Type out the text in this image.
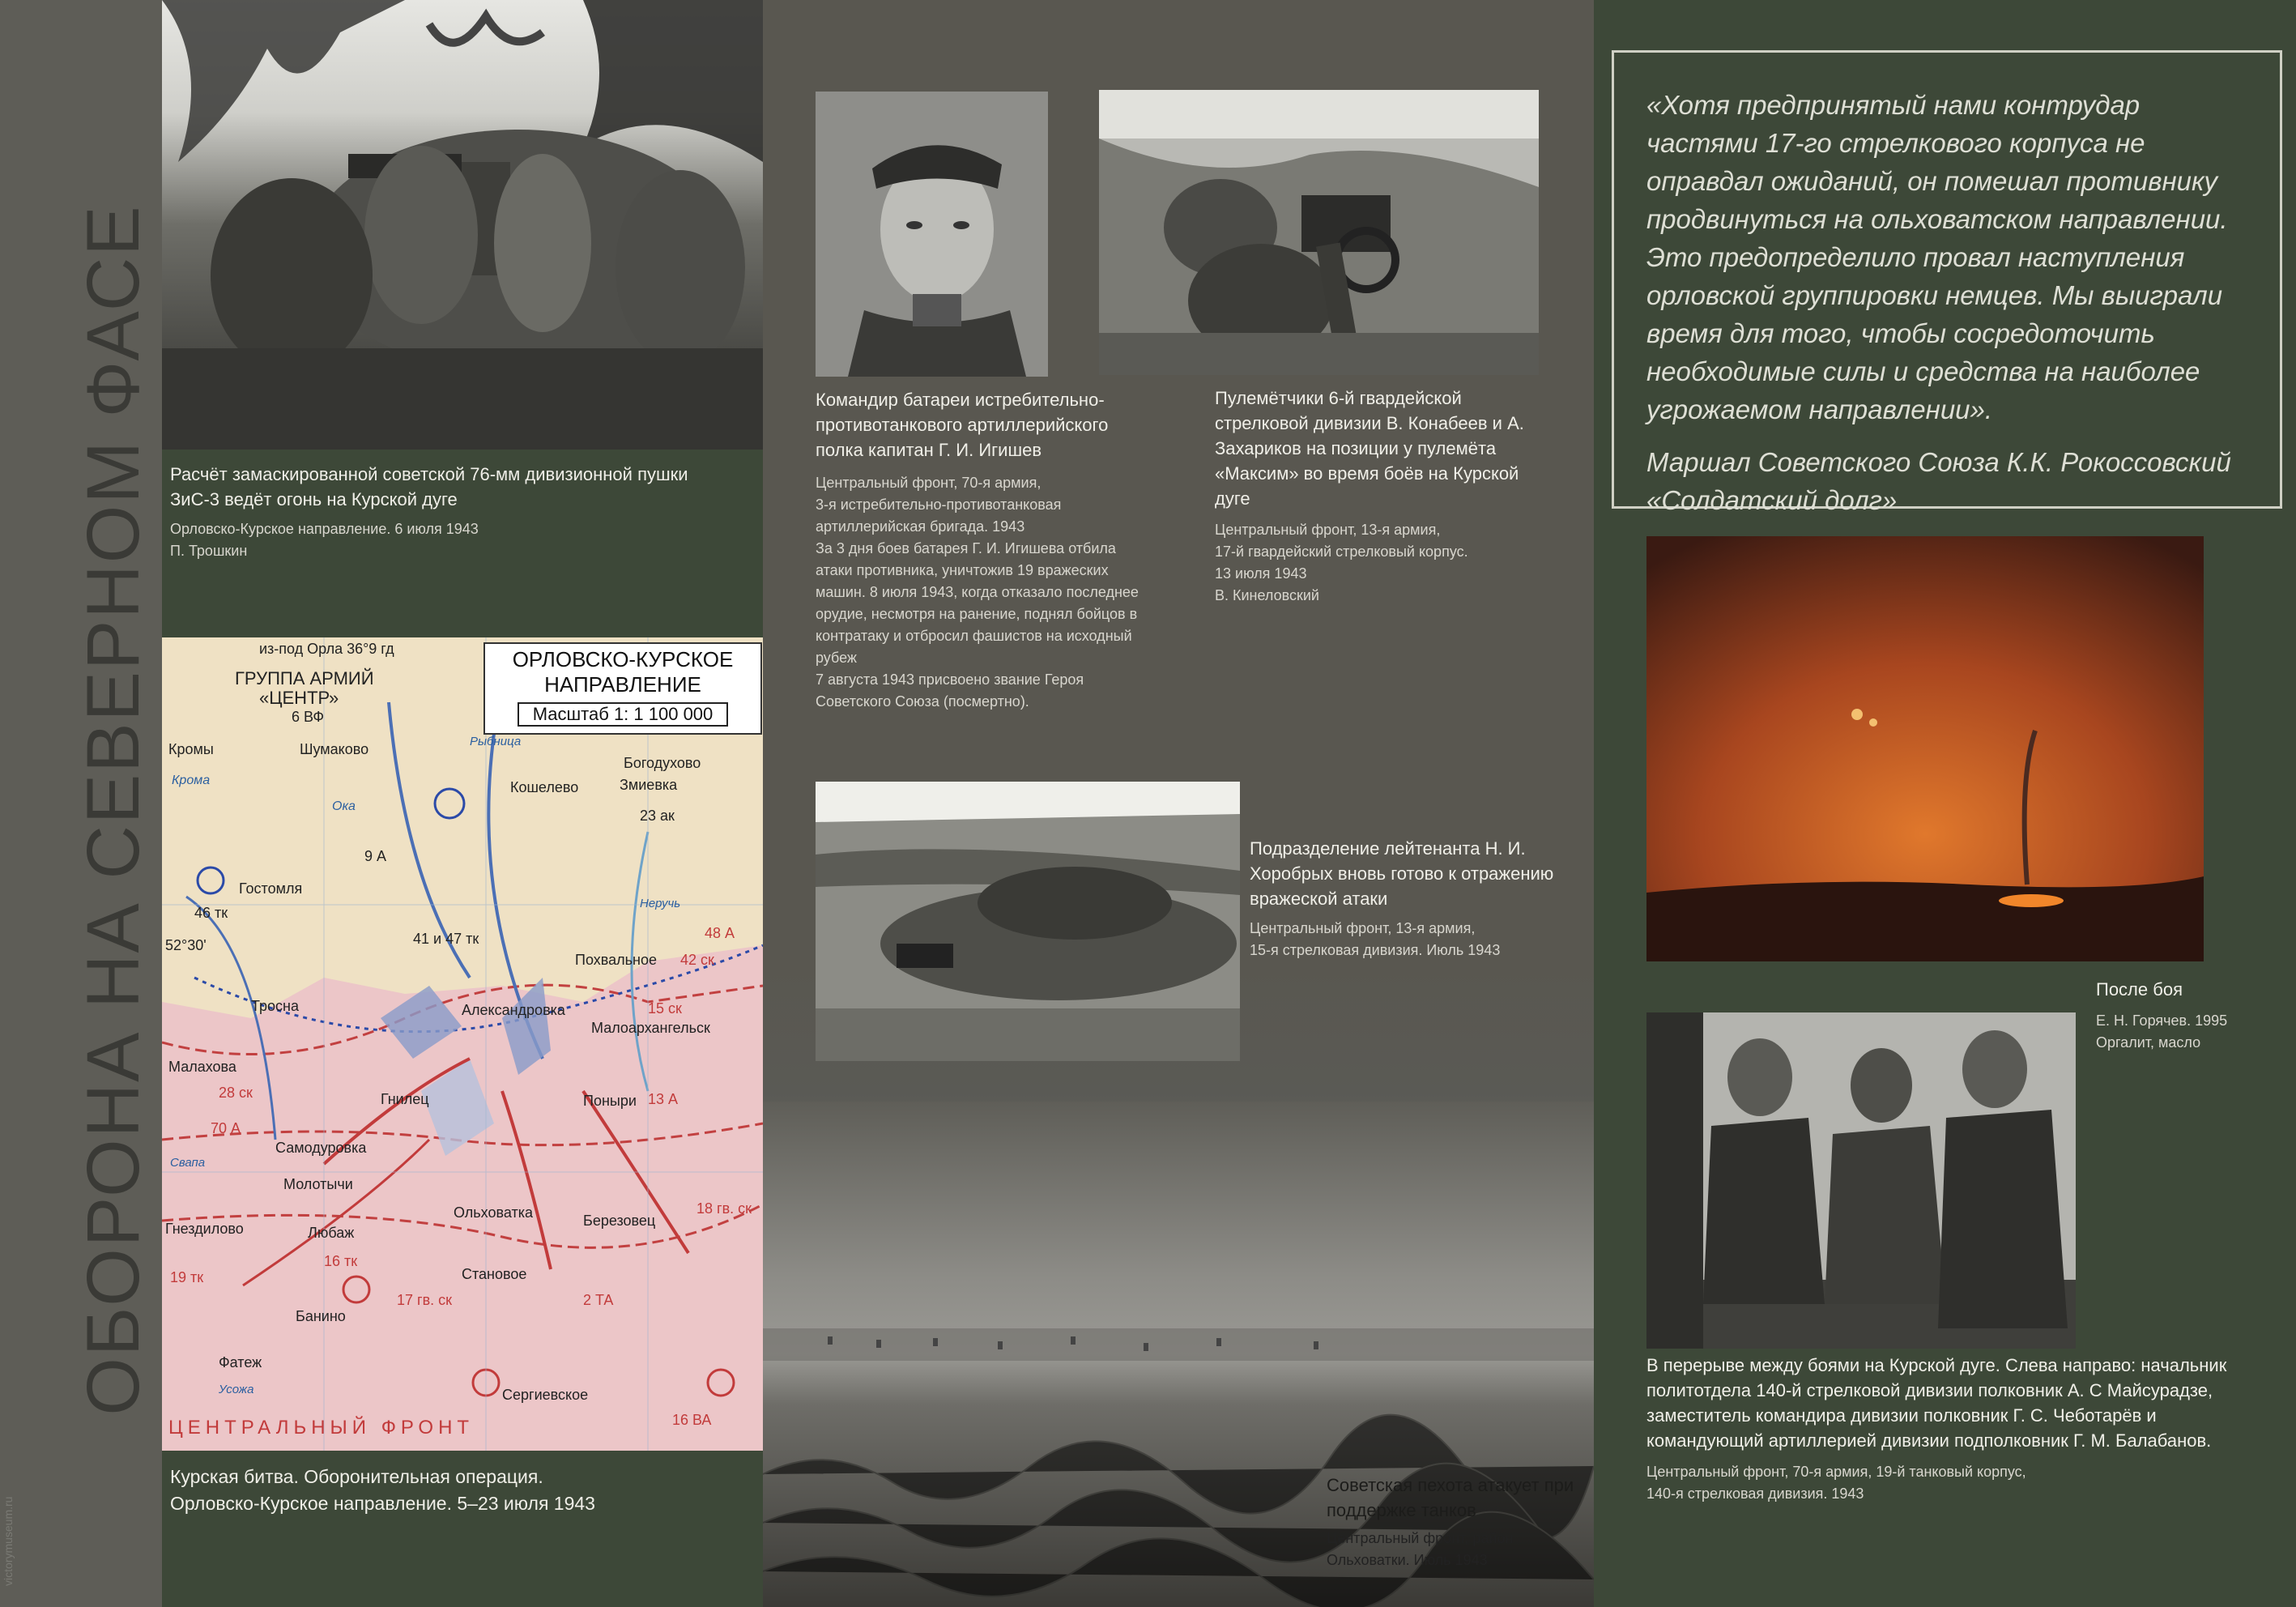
ОБОРОНА НА СЕВЕРНОМ ФАСЕ
victorymuseum.ru
Расчёт замаскированной советской 76-мм дивизионной пушки ЗиС-3 ведёт огонь на Курской дуге
Орловско-Курское направление. 6 июля 1943
П. Трошкин
ОРЛОВСКО-КУРСКОЕ
НАПРАВЛЕНИЕ
Масштаб 1: 1 100 000
из-под Орла 36°9 гд
52°30'
ГРУППА АРМИЙ
«ЦЕНТР»
6 ВФ
Кромы	Шумаково
Крома
Ока
Рыбница
Богодухово
Кошелево	Змиевка
23 ак
9 А
Гостомля
46 тк
41 и 47 тк
Неручь
48 А
42 ск
Похвальное
Тросна	Александровка	15 ск
Малоархангельск
Малахова
28 ск	Гнилец	Поныри 13 А
70 А
Самодуровка
Свапа
Молотычи
Ольховатка	Березовец
18 гв. ск
Гнездилово	Любаж
16 тк
19 тк	Становое
Банино
17 гв. ск	2 ТА
Фатеж
Усожа	Сергиевское
16 ВА
ЦЕНТРАЛЬНЫЙ ФРОНТ
Курская битва. Оборонительная операция.
Орловско-Курское направление. 5–23 июля 1943
Командир батареи истребительно-противотанкового артиллерийского полка капитан Г. И. Игишев
Центральный фронт, 70-я армия,
3-я истребительно-противотанковая артиллерийская бригада. 1943
За 3 дня боев батарея Г. И. Игишева отбила атаки противника, уничтожив 19 вражеских машин. 8 июля 1943, когда отказало последнее орудие, несмотря на ранение, поднял бойцов в контратаку и отбросил фашистов на исходный рубеж
7 августа 1943 присвоено звание Героя Советского Союза (посмертно).
Пулемётчики 6-й гвардейской стрелковой дивизии В. Конабеев и А. Захариков на позиции у пулемёта «Максим» во время боёв на Курской дуге
Центральный фронт, 13-я армия,
17-й гвардейский стрелковый корпус.
13 июля 1943
В. Кинеловский
Подразделение лейтенанта Н. И. Хоробрых вновь готово к отражению вражеской атаки
Центральный фронт, 13-я армия,
15-я стрелковая дивизия. Июль 1943
Советская пехота атакует при поддержке танков
Центральный фронт, район
Ольховатки. Июль 1943
«Хотя предпринятый нами контрудар частями 17-го стрелкового корпуса не оправдал ожиданий, он помешал противнику продвинуться на ольховатском направлении. Это предопределило провал наступления орловской группировки немцев. Мы выиграли время для того, чтобы сосредоточить необходимые силы и средства на наиболее угрожаемом направлении».
Маршал Советского Союза К.К. Рокоссовский
«Солдатский долг»
После боя
Е. Н. Горячев. 1995
Оргалит, масло
В перерыве между боями на Курской дуге. Слева направо: начальник политотдела 140-й стрелковой дивизии полковник А. С Майсурадзе, заместитель командира дивизии полковник Г. С. Чеботарёв и командующий артиллерией дивизии подполковник Г. М. Балабанов.
Центральный фронт, 70-я армия, 19-й танковый корпус,
140-я стрелковая дивизия. 1943
